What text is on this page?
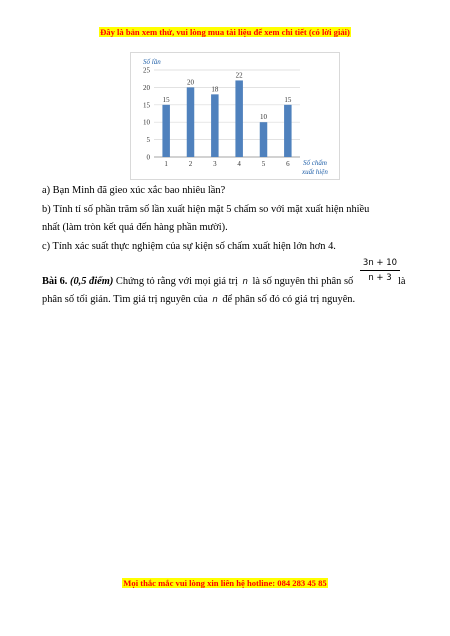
Đây là bản xem thử, vui lòng mua tài liệu để xem chi tiết (có lời giải)
15
20
18
22
10
15
0
5
10
15
20
25
1	2	3	4	5	6
Số lần
Số chấm
xuất hiện
a) Bạn Minh đã gieo xúc xắc bao nhiêu lần?
b) Tính tỉ số phần trăm số lần xuất hiện mặt 5 chấm so với mặt xuất hiện nhiều
nhất (làm tròn kết quả đến hàng phần mười).
c) Tính xác suất thực nghiệm của sự kiện số chấm xuất hiện lớn hơn 4.
$\frac{3n + 10}{n + 3}$
Bài 6. (0,5 điểm) Chứng tỏ rằng với mọi giá trị n là số nguyên thì phân số	là
phân số tối giản. Tìm giá trị nguyên của n để phân số đó có giá trị nguyên.
Mọi thắc mắc vui lòng xin liên hệ hotline: 084 283 45 85
